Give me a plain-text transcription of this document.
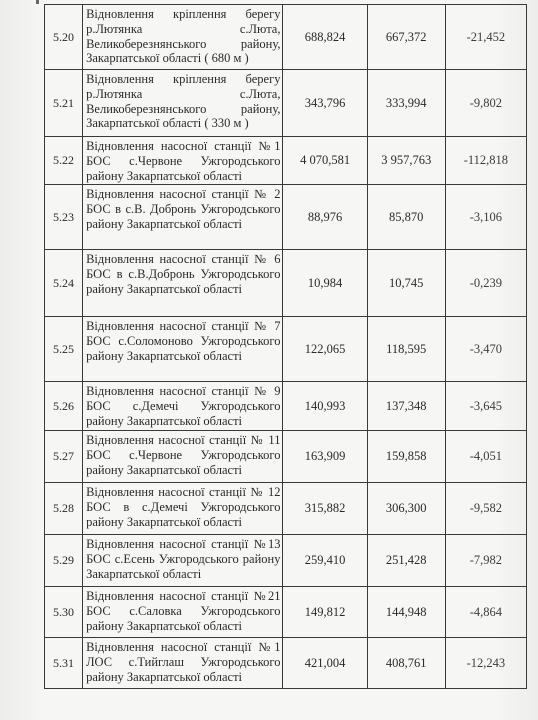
5.20	Відновлення кріплення берегу р.Лютянка с.Люта, Великоберезнянського району, Закарпатської області ( 680 м )	688,824	667,372	-21,452
5.21	Відновлення кріплення берегу р.Лютянка с.Люта, Великоберезнянського району, Закарпатської області ( 330 м )	343,796	333,994	-9,802
5.22	Відновлення насосної станції №1 БОС с.Червоне Ужгородського району Закарпатської області	4 070,581	3 957,763	-112,818
5.23	Відновлення насосної станції № 2 БОС в с.В. Добронь Ужгородського району Закарпатської області	88,976	85,870	-3,106
5.24	Відновлення насосної станції № 6 БОС в с.В.Добронь Ужгородського району Закарпатської області	10,984	10,745	-0,239
5.25	Відновлення насосної станції № 7 БОС с.Соломоново Ужгородського району Закарпатської області	122,065	118,595	-3,470
5.26	Відновлення насосної станції № 9 БОС с.Демечі Ужгородського району Закарпатської області	140,993	137,348	-3,645
5.27	Відновлення насосної станції № 11 БОС с.Червоне Ужгородського району Закарпатської області	163,909	159,858	-4,051
5.28	Відновлення насосної станції № 12 БОС в с.Демечі Ужгородського району Закарпатської області	315,882	306,300	-9,582
5.29	Відновлення насосної станції №13 БОС с.Есень Ужгородського району Закарпатської області	259,410	251,428	-7,982
5.30	Відновлення насосної станції №21 БОС с.Саловка Ужгородського району Закарпатської області	149,812	144,948	-4,864
5.31	Відновлення насосної станції №1 ЛОС с.Тийглаш Ужгородського району Закарпатської області	421,004	408,761	-12,243
